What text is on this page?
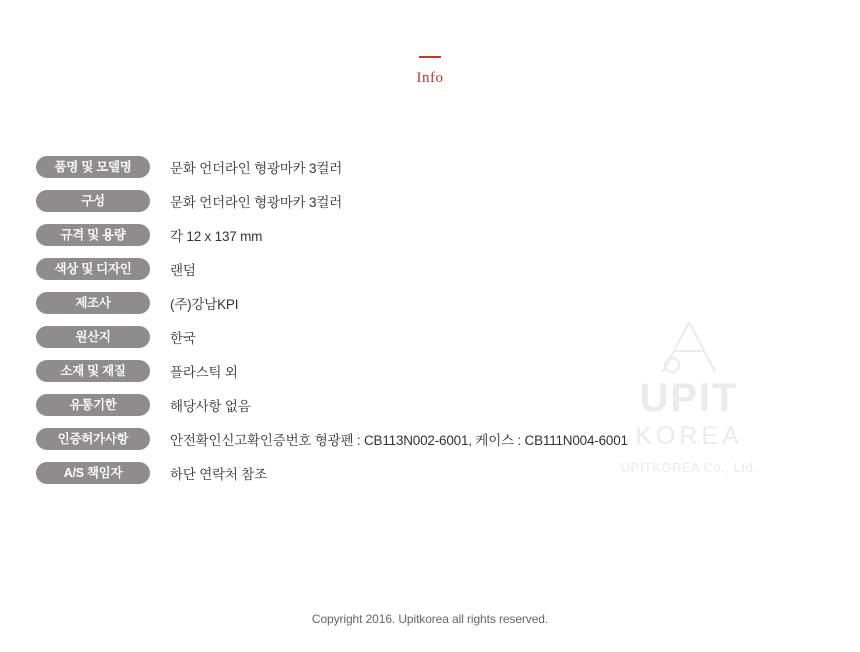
Info
UPIT
KOREA
UPITKOREA Co., Ltd.
품명 및 모델명	문화 언더라인 형광마카 3컬러
구성	문화 언더라인 형광마카 3컬러
규격 및 용량	각 12 x 137 mm
색상 및 디자인	랜덤
제조사	(주)강남KPI
원산지	한국
소재 및 재질	플라스틱 외
유통기한	해당사항 없음
인증허가사항	안전확인신고확인증번호 형광펜 : CB113N002-6001, 케이스 : CB111N004-6001
A/S 책임자	하단 연락처 참조
Copyright 2016. Upitkorea all rights reserved.
